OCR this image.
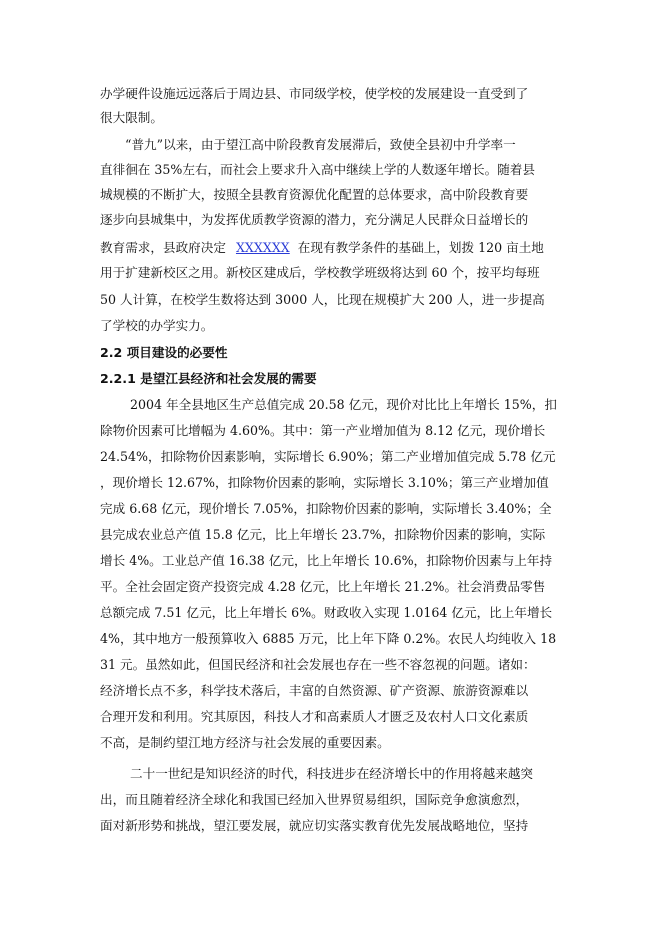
办学硬件设施远远落后于周边县、市同级学校，使学校的发展建设一直受到了
很大限制。
“普九”以来，由于望江高中阶段教育发展滞后，致使全县初中升学率一
直徘徊在 35%左右，而社会上要求升入高中继续上学的人数逐年增长。随着县
城规模的不断扩大，按照全县教育资源优化配置的总体要求，高中阶段教育要
逐步向县城集中，为发挥优质教学资源的潜力，充分满足人民群众日益增长的
教育需求，县政府决定 XXXXXX 在现有教学条件的基础上，划拨 120 亩土地
用于扩建新校区之用。新校区建成后，学校教学班级将达到 60 个，按平均每班
50 人计算，在校学生数将达到 3000 人，比现在规模扩大 200 人，进一步提高
了学校的办学实力。
2.2 项目建设的必要性
2.2.1 是望江县经济和社会发展的需要
2004 年全县地区生产总值完成 20.58 亿元，现价对比比上年增长 15%，扣
除物价因素可比增幅为 4.60%。其中：第一产业增加值为 8.12 亿元，现价增长
24.54%，扣除物价因素影响，实际增长 6.90%；第二产业增加值完成 5.78 亿元
，现价增长 12.67%，扣除物价因素的影响，实际增长 3.10%；第三产业增加值
完成 6.68 亿元，现价增长 7.05%，扣除物价因素的影响，实际增长 3.40%；全
县完成农业总产值 15.8 亿元，比上年增长 23.7%，扣除物价因素的影响，实际
增长 4%。工业总产值 16.38 亿元，比上年增长 10.6%，扣除物价因素与上年持
平。全社会固定资产投资完成 4.28 亿元，比上年增长 21.2%。社会消费品零售
总额完成 7.51 亿元，比上年增长 6%。财政收入实现 1.0164 亿元，比上年增长
4%，其中地方一般预算收入 6885 万元，比上年下降 0.2%。农民人均纯收入 18
31 元。虽然如此，但国民经济和社会发展也存在一些不容忽视的问题。诸如：
经济增长点不多，科学技术落后，丰富的自然资源、矿产资源、旅游资源难以
合理开发和利用。究其原因，科技人才和高素质人才匮乏及农村人口文化素质
不高，是制约望江地方经济与社会发展的重要因素。
二十一世纪是知识经济的时代，科技进步在经济增长中的作用将越来越突
出，而且随着经济全球化和我国已经加入世界贸易组织，国际竞争愈演愈烈，
面对新形势和挑战，望江要发展，就应切实落实教育优先发展战略地位，坚持
